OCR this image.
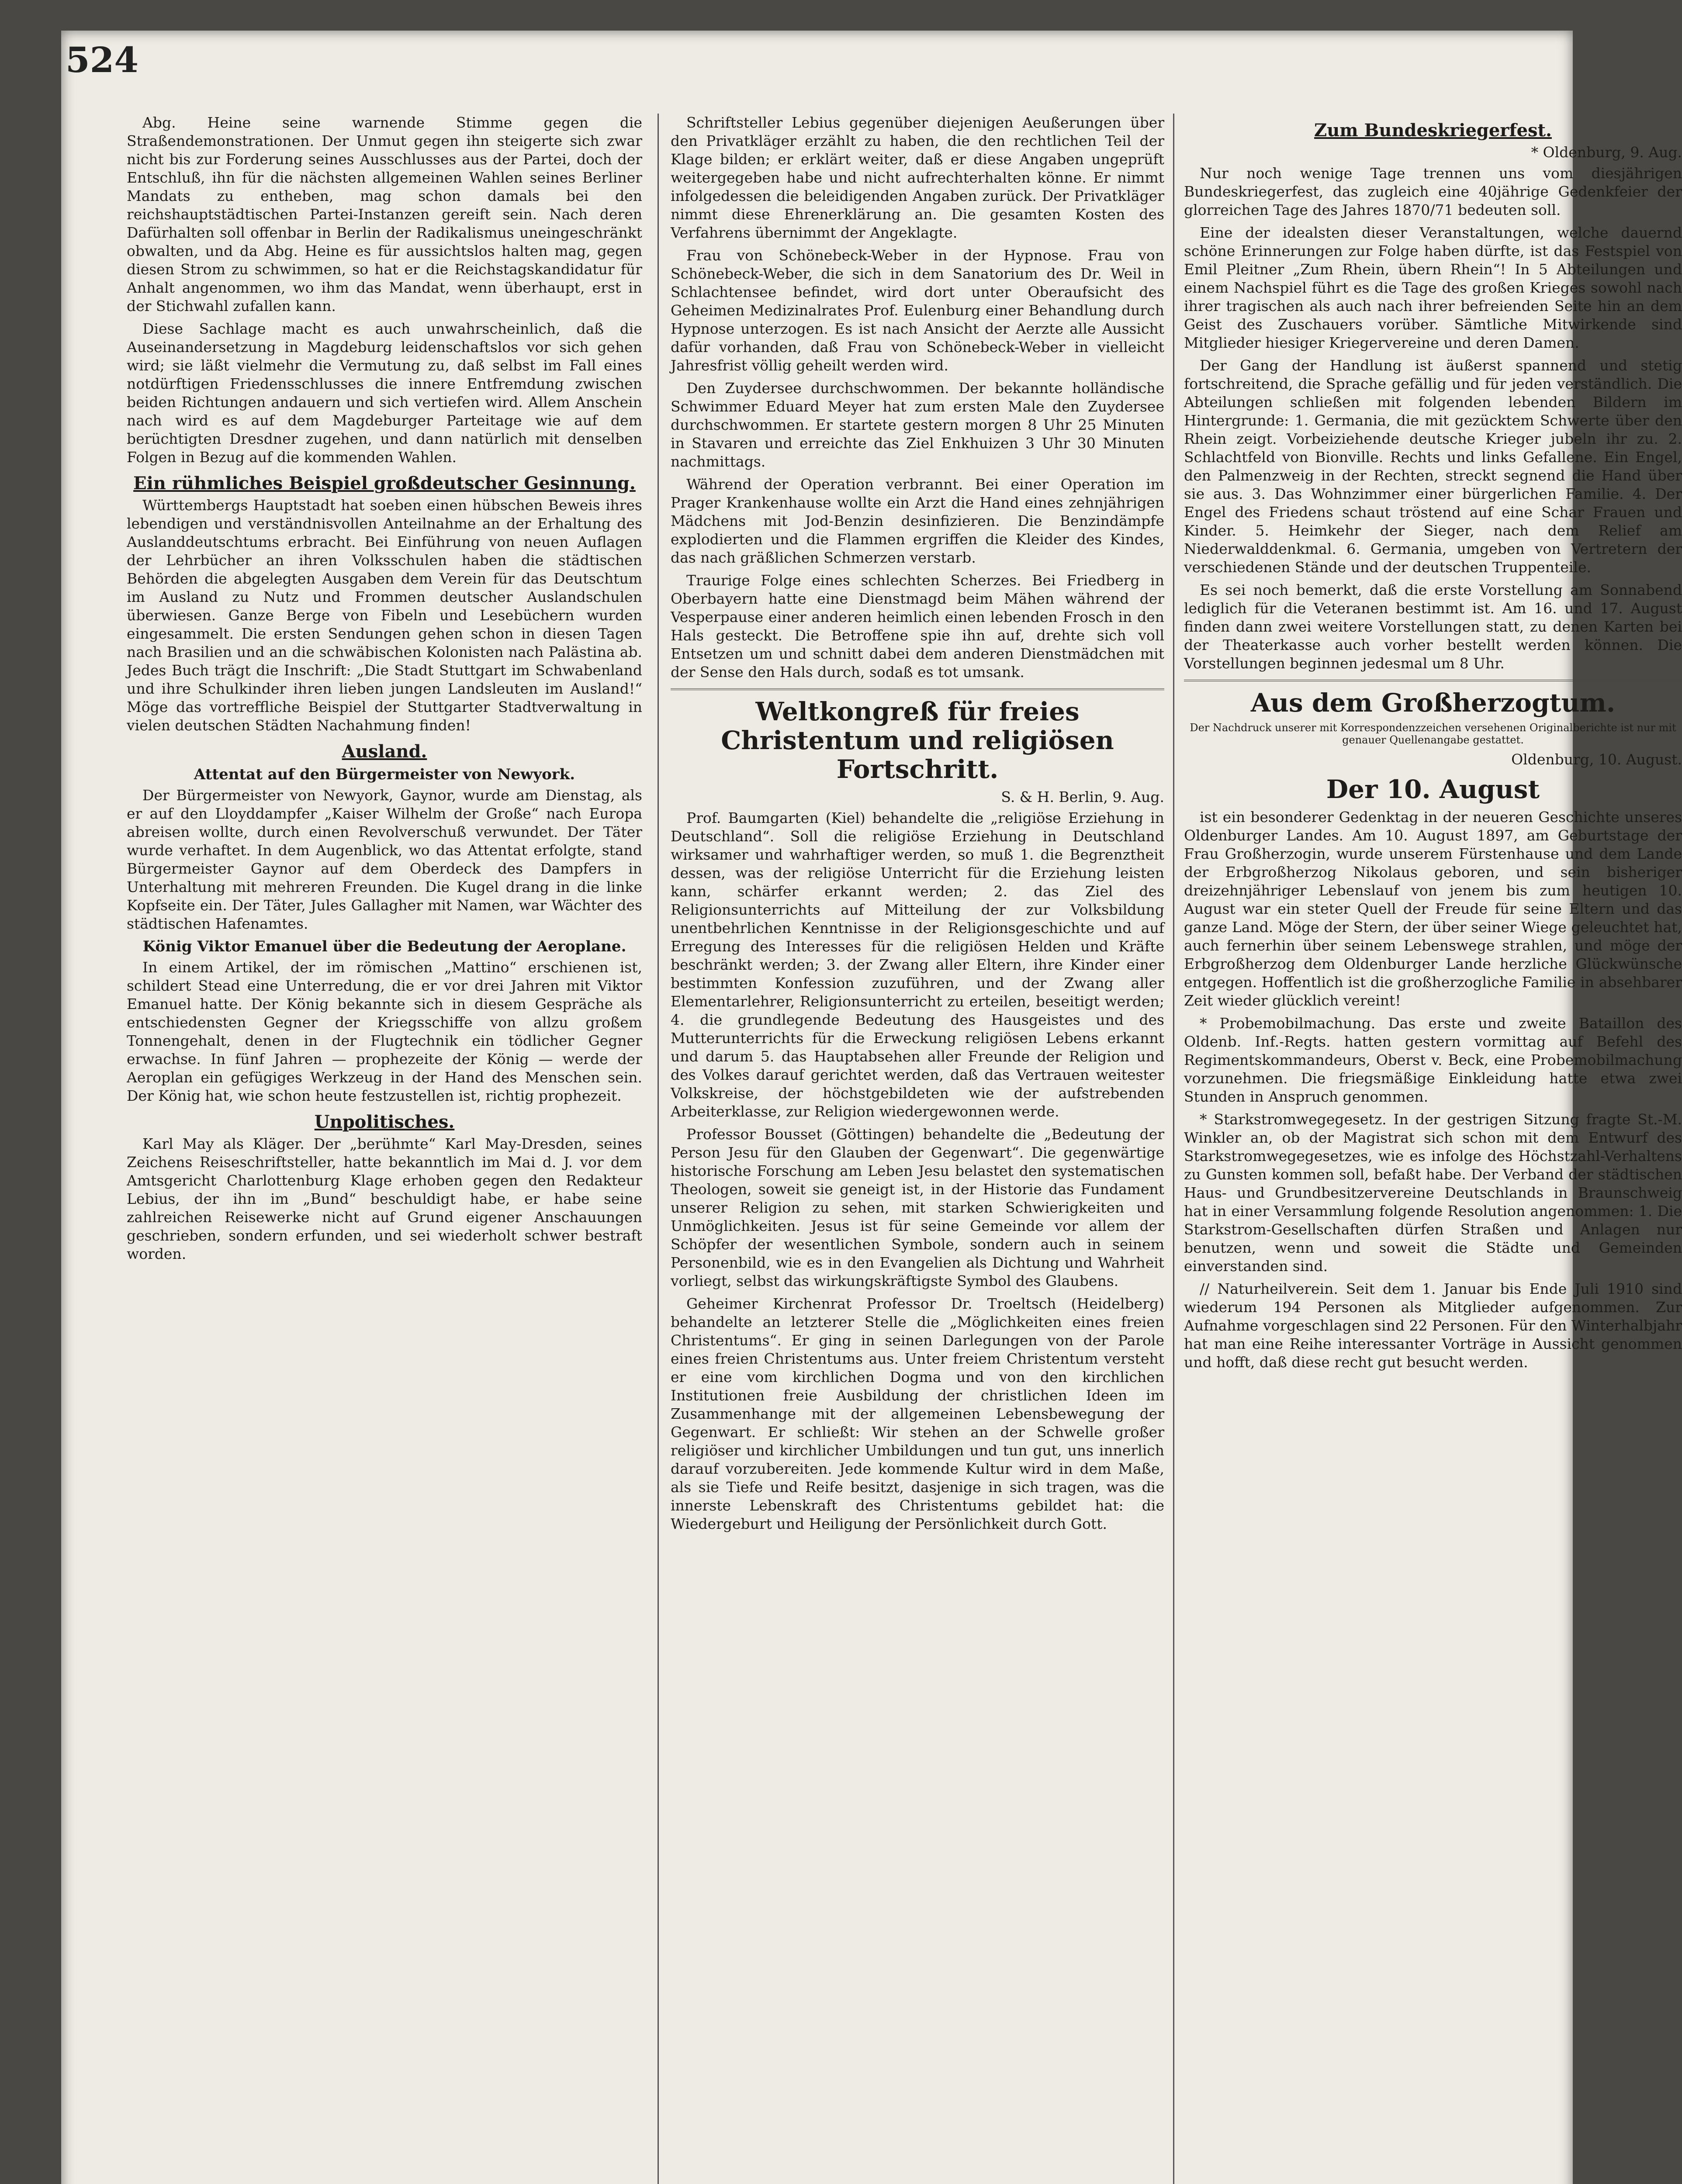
524

Abg. Heine seine warnende Stimme gegen die Straßendemonstrationen. Der Unmut gegen ihn steigerte sich zwar nicht bis zur Forderung seines Ausschlusses aus der Partei, doch der Entschluß, ihn für die nächsten allgemeinen Wahlen seines Berliner Mandats zu entheben, mag schon damals bei den reichshauptstädtischen Partei-Instanzen gereift sein. Nach deren Dafürhalten soll offenbar in Berlin der Radikalismus uneingeschränkt obwalten, und da Abg. Heine es für aussichtslos halten mag, gegen diesen Strom zu schwimmen, so hat er die Reichstagskandidatur für Anhalt angenommen, wo ihm das Mandat, wenn überhaupt, erst in der Stichwahl zufallen kann.

Diese Sachlage macht es auch unwahrscheinlich, daß die Auseinandersetzung in Magdeburg leidenschaftslos vor sich gehen wird; sie läßt vielmehr die Vermutung zu, daß selbst im Fall eines notdürftigen Friedensschlusses die innere Entfremdung zwischen beiden Richtungen andauern und sich vertiefen wird. Allem Anschein nach wird es auf dem Magdeburger Parteitage wie auf dem berüchtigten Dresdner zugehen, und dann natürlich mit denselben Folgen in Bezug auf die kommenden Wahlen.

Ein rühmliches Beispiel großdeutscher Gesinnung.

Württembergs Hauptstadt hat soeben einen hübschen Beweis ihres lebendigen und verständnisvollen Anteilnahme an der Erhaltung des Auslanddeutschtums erbracht. Bei Einführung von neuen Auflagen der Lehrbücher an ihren Volksschulen haben die städtischen Behörden die abgelegten Ausgaben dem Verein für das Deutschtum im Ausland zu Nutz und Frommen deutscher Auslandschulen überwiesen. Ganze Berge von Fibeln und Lesebüchern wurden eingesammelt. Die ersten Sendungen gehen schon in diesen Tagen nach Brasilien und an die schwäbischen Kolonisten nach Palästina ab. Jedes Buch trägt die Inschrift: „Die Stadt Stuttgart im Schwabenland und ihre Schulkinder ihren lieben jungen Landsleuten im Ausland!“ Möge das vortreffliche Beispiel der Stuttgarter Stadtverwaltung in vielen deutschen Städten Nachahmung finden!

Ausland.

Attentat auf den Bürgermeister von Newyork.

Der Bürgermeister von Newyork, Gaynor, wurde am Dienstag, als er auf den Lloyddampfer „Kaiser Wilhelm der Große“ nach Europa abreisen wollte, durch einen Revolverschuß verwundet. Der Täter wurde verhaftet. In dem Augenblick, wo das Attentat erfolgte, stand Bürgermeister Gaynor auf dem Oberdeck des Dampfers in Unterhaltung mit mehreren Freunden. Die Kugel drang in die linke Kopfseite ein. Der Täter, Jules Gallagher mit Namen, war Wächter des städtischen Hafenamtes.

König Viktor Emanuel über die Bedeutung der Aeroplane.

In einem Artikel, der im römischen „Mattino“ erschienen ist, schildert Stead eine Unterredung, die er vor drei Jahren mit Viktor Emanuel hatte. Der König bekannte sich in diesem Gespräche als entschiedensten Gegner der Kriegsschiffe von allzu großem Tonnengehalt, denen in der Flugtechnik ein tödlicher Gegner erwachse. In fünf Jahren — prophezeite der König — werde der Aeroplan ein gefügiges Werkzeug in der Hand des Menschen sein. Der König hat, wie schon heute festzustellen ist, richtig prophezeit.

Unpolitisches.

Karl May als Kläger. Der „berühmte“ Karl May-Dresden, seines Zeichens Reiseschriftsteller, hatte bekanntlich im Mai d. J. vor dem Amtsgericht Charlottenburg Klage erhoben gegen den Redakteur Lebius, der ihn im „Bund“ beschuldigt habe, er habe seine zahlreichen Reisewerke nicht auf Grund eigener Anschauungen geschrieben, sondern erfunden, und sei wiederholt schwer bestraft worden.

Schriftsteller Lebius gegenüber diejenigen Aeußerungen über den Privatkläger erzählt zu haben, die den rechtlichen Teil der Klage bilden; er erklärt weiter, daß er diese Angaben ungeprüft weitergegeben habe und nicht aufrechterhalten könne. Er nimmt infolgedessen die beleidigenden Angaben zurück. Der Privatkläger nimmt diese Ehrenerklärung an. Die gesamten Kosten des Verfahrens übernimmt der Angeklagte.

Frau von Schönebeck-Weber in der Hypnose. Frau von Schönebeck-Weber, die sich in dem Sanatorium des Dr. Weil in Schlachtensee befindet, wird dort unter Oberaufsicht des Geheimen Medizinalrates Prof. Eulenburg einer Behandlung durch Hypnose unterzogen. Es ist nach Ansicht der Aerzte alle Aussicht dafür vorhanden, daß Frau von Schönebeck-Weber in vielleicht Jahresfrist völlig geheilt werden wird.

Den Zuydersee durchschwommen. Der bekannte holländische Schwimmer Eduard Meyer hat zum ersten Male den Zuydersee durchschwommen. Er startete gestern morgen 8 Uhr 25 Minuten in Stavaren und erreichte das Ziel Enkhuizen 3 Uhr 30 Minuten nachmittags.

Während der Operation verbrannt. Bei einer Operation im Prager Krankenhause wollte ein Arzt die Hand eines zehnjährigen Mädchens mit Jod-Benzin desinfizieren. Die Benzindämpfe explodierten und die Flammen ergriffen die Kleider des Kindes, das nach gräßlichen Schmerzen verstarb.

Traurige Folge eines schlechten Scherzes. Bei Friedberg in Oberbayern hatte eine Dienstmagd beim Mähen während der Vesperpause einer anderen heimlich einen lebenden Frosch in den Hals gesteckt. Die Betroffene spie ihn auf, drehte sich voll Entsetzen um und schnitt dabei dem anderen Dienstmädchen mit der Sense den Hals durch, sodaß es tot umsank.

Weltkongreß für freies Christentum und religiösen Fortschritt.

S. & H. Berlin, 9. Aug.

Prof. Baumgarten (Kiel) behandelte die „religiöse Erziehung in Deutschland“. Soll die religiöse Erziehung in Deutschland wirksamer und wahrhaftiger werden, so muß 1. die Begrenztheit dessen, was der religiöse Unterricht für die Erziehung leisten kann, schärfer erkannt werden; 2. das Ziel des Religionsunterrichts auf Mitteilung der zur Volksbildung unentbehrlichen Kenntnisse in der Religionsgeschichte und auf Erregung des Interesses für die religiösen Helden und Kräfte beschränkt werden; 3. der Zwang aller Eltern, ihre Kinder einer bestimmten Konfession zuzuführen, und der Zwang aller Elementarlehrer, Religionsunterricht zu erteilen, beseitigt werden; 4. die grundlegende Bedeutung des Hausgeistes und des Mutterunterrichts für die Erweckung religiösen Lebens erkannt und darum 5. das Hauptabsehen aller Freunde der Religion und des Volkes darauf gerichtet werden, daß das Vertrauen weitester Volkskreise, der höchstgebildeten wie der aufstrebenden Arbeiterklasse, zur Religion wiedergewonnen werde.

Professor Bousset (Göttingen) behandelte die „Bedeutung der Person Jesu für den Glauben der Gegenwart“. Die gegenwärtige historische Forschung am Leben Jesu belastet den systematischen Theologen, soweit sie geneigt ist, in der Historie das Fundament unserer Religion zu sehen, mit starken Schwierigkeiten und Unmöglichkeiten. Jesus ist für seine Gemeinde vor allem der Schöpfer der wesentlichen Symbole, sondern auch in seinem Personenbild, wie es in den Evangelien als Dichtung und Wahrheit vorliegt, selbst das wirkungskräftigste Symbol des Glaubens.

Geheimer Kirchenrat Professor Dr. Troeltsch (Heidelberg) behandelte an letzterer Stelle die „Möglichkeiten eines freien Christentums“. Er ging in seinen Darlegungen von der Parole eines freien Christentums aus. Unter freiem Christentum versteht er eine vom kirchlichen Dogma und von den kirchlichen Institutionen freie Ausbildung der christlichen Ideen im Zusammenhange mit der allgemeinen Lebensbewegung der Gegenwart. Er schließt: Wir stehen an der Schwelle großer religiöser und kirchlicher Umbildungen und tun gut, uns innerlich darauf vorzubereiten. Jede kommende Kultur wird in dem Maße, als sie Tiefe und Reife besitzt, dasjenige in sich tragen, was die innerste Lebenskraft des Christentums gebildet hat: die Wiedergeburt und Heiligung der Persönlichkeit durch Gott.

Zum Bundeskriegerfest.

* Oldenburg, 9. Aug.

Nur noch wenige Tage trennen uns vom diesjährigen Bundeskriegerfest, das zugleich eine 40jährige Gedenkfeier der glorreichen Tage des Jahres 1870/71 bedeuten soll.

Eine der idealsten dieser Veranstaltungen, welche dauernd schöne Erinnerungen zur Folge haben dürfte, ist das Festspiel von Emil Pleitner „Zum Rhein, übern Rhein“! In 5 Abteilungen und einem Nachspiel führt es die Tage des großen Krieges sowohl nach ihrer tragischen als auch nach ihrer befreienden Seite hin an dem Geist des Zuschauers vorüber. Sämtliche Mitwirkende sind Mitglieder hiesiger Kriegervereine und deren Damen.

Der Gang der Handlung ist äußerst spannend und stetig fortschreitend, die Sprache gefällig und für jeden verständlich. Die Abteilungen schließen mit folgenden lebenden Bildern im Hintergrunde: 1. Germania, die mit gezücktem Schwerte über den Rhein zeigt. Vorbeiziehende deutsche Krieger jubeln ihr zu. 2. Schlachtfeld von Bionville. Rechts und links Gefallene. Ein Engel, den Palmenzweig in der Rechten, streckt segnend die Hand über sie aus. 3. Das Wohnzimmer einer bürgerlichen Familie. 4. Der Engel des Friedens schaut tröstend auf eine Schar Frauen und Kinder. 5. Heimkehr der Sieger, nach dem Relief am Niederwalddenkmal. 6. Germania, umgeben von Vertretern der verschiedenen Stände und der deutschen Truppenteile.

Es sei noch bemerkt, daß die erste Vorstellung am Sonnabend lediglich für die Veteranen bestimmt ist. Am 16. und 17. August finden dann zwei weitere Vorstellungen statt, zu denen Karten bei der Theaterkasse auch vorher bestellt werden können. Die Vorstellungen beginnen jedesmal um 8 Uhr.

Aus dem Großherzogtum.

Der Nachdruck unserer mit Korrespondenzzeichen versehenen Originalberichte ist nur mit genauer Quellenangabe gestattet.

Oldenburg, 10. August.

Der 10. August

ist ein besonderer Gedenktag in der neueren Geschichte unseres Oldenburger Landes. Am 10. August 1897, am Geburtstage der Frau Großherzogin, wurde unserem Fürstenhause und dem Lande der Erbgroßherzog Nikolaus geboren, und sein bisheriger dreizehnjähriger Lebenslauf von jenem bis zum heutigen 10. August war ein steter Quell der Freude für seine Eltern und das ganze Land. Möge der Stern, der über seiner Wiege geleuchtet hat, auch fernerhin über seinem Lebenswege strahlen, und möge der Erbgroßherzog dem Oldenburger Lande herzliche Glückwünsche entgegen. Hoffentlich ist die großherzogliche Familie in absehbarer Zeit wieder glücklich vereint!

* Probemobilmachung. Das erste und zweite Bataillon des Oldenb. Inf.-Regts. hatten gestern vormittag auf Befehl des Regimentskommandeurs, Oberst v. Beck, eine Probemobilmachung vorzunehmen. Die friegsmäßige Einkleidung hatte etwa zwei Stunden in Anspruch genommen.

* Starkstromwegegesetz. In der gestrigen Sitzung fragte St.-M. Winkler an, ob der Magistrat sich schon mit dem Entwurf des Starkstromwegegesetzes, wie es infolge des Höchstzahl-Verhaltens zu Gunsten kommen soll, befaßt habe. Der Verband der städtischen Haus- und Grundbesitzervereine Deutschlands in Braunschweig hat in einer Versammlung folgende Resolution angenommen: 1. Die Starkstrom-Gesellschaften dürfen Straßen und Anlagen nur benutzen, wenn und soweit die Städte und Gemeinden einverstanden sind.

// Naturheilverein. Seit dem 1. Januar bis Ende Juli 1910 sind wiederum 194 Personen als Mitglieder aufgenommen. Zur Aufnahme vorgeschlagen sind 22 Personen. Für den Winterhalbjahr hat man eine Reihe interessanter Vorträge in Aussicht genommen und hofft, daß diese recht gut besucht werden.
